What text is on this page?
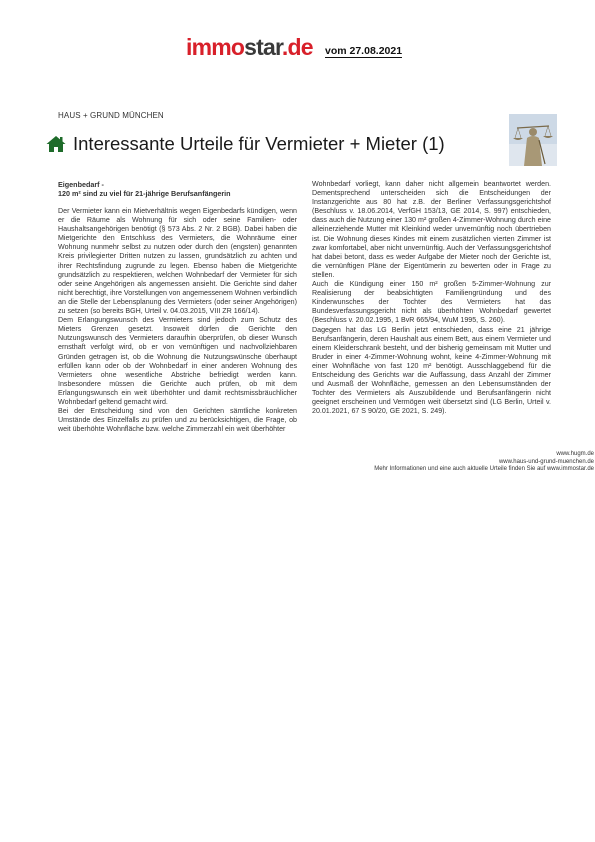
immostar.de vom 27.08.2021
HAUS + GRUND MÜNCHEN
Interessante Urteile für Vermieter + Mieter (1)

Eigenbedarf -

120 m² sind zu viel für 21-jährige Berufsanfängerin

Der Vermieter kann ein Mietverhältnis wegen Eigenbedarfs kündigen, wenn er die Räume als Wohnung für sich oder seine Familien- oder Haushaltsangehörigen benötigt (§ 573 Abs. 2 Nr. 2 BGB). Dabei haben die Mietgerichte den Entschluss des Vermieters, die Wohnräume einer Wohnung nunmehr selbst zu nutzen oder durch den (engsten) genannten Kreis privilegierter Dritten nutzen zu lassen, grundsätzlich zu achten und ihrer Rechtsfindung zugrunde zu legen. Ebenso haben die Mietgerichte grundsätzlich zu respektieren, welchen Wohnbedarf der Vermieter für sich oder seine Angehörigen als angemessen ansieht. Die Gerichte sind daher nicht berechtigt, ihre Vorstellungen von angemessenem Wohnen verbindlich an die Stelle der Lebensplanung des Vermieters (oder seiner Angehörigen) zu setzen (so bereits BGH, Urteil v. 04.03.2015, VIII ZR 166/14).

Dem Erlangungswunsch des Vermieters sind jedoch zum Schutz des Mieters Grenzen gesetzt. Insoweit dürfen die Gerichte den Nutzungswunsch des Vermieters daraufhin überprüfen, ob dieser Wunsch ernsthaft verfolgt wird, ob er von vernünftigen und nachvollziehbaren Gründen getragen ist, ob die Wohnung die Nutzungswünsche überhaupt erfüllen kann oder ob der Wohnbedarf in einer anderen Wohnung des Vermieters ohne wesentliche Abstriche befriedigt werden kann. Insbesondere müssen die Gerichte auch prüfen, ob mit dem Erlangungswunsch ein weit überhöhter und damit rechtsmissbräuchlicher Wohnbedarf geltend gemacht wird.

Bei der Entscheidung sind von den Gerichten sämtliche konkreten Umstände des Einzelfalls zu prüfen und zu berücksichtigen, die Frage, ob weit überhöhte Wohnfläche bzw. welche Zimmerzahl ein weit überhöhter

Wohnbedarf vorliegt, kann daher nicht allgemein beantwortet werden. Dementsprechend unterscheiden sich die Entscheidungen der Instanzgerichte aus 80 hat z.B. der Berliner Verfassungsgerichtshof (Beschluss v. 18.06.2014, VerfGH 153/13, GE 2014, S. 997) entschieden, dass auch die Nutzung einer 130 m² großen 4-Zimmer-Wohnung durch eine alleinerziehende Mutter mit Kleinkind weder unvernünftig noch übertrieben ist. Die Wohnung dieses Kindes mit einem zusätzlichen vierten Zimmer ist zwar komfortabel, aber nicht unvernünftig. Auch der Verfassungsgerichtshof hat dabei betont, dass es weder Aufgabe der Mieter noch der Gerichte ist, die vernünftigen Pläne der Eigentümerin zu bewerten oder in Frage zu stellen.

Auch die Kündigung einer 150 m² großen 5-Zimmer-Wohnung zur Realisierung der beabsichtigten Familiengründung und des Kinderwunsches der Tochter des Vermieters hat das Bundesverfassungsgericht nicht als überhöhten Wohnbedarf gewertet (Beschluss v. 20.02.1995, 1 BvR 665/94, WuM 1995, S. 260).

Dagegen hat das LG Berlin jetzt entschieden, dass eine 21 jährige Berufsanfängerin, deren Haushalt aus einem Bett, aus einem Vermieter und einem Kleiderschrank besteht, und der bisherig gemeinsam mit Mutter und Bruder in einer 4-Zimmer-Wohnung wohnt, keine 4-Zimmer-Wohnung mit einer Wohnfläche von fast 120 m² benötigt. Ausschlaggebend für die Entscheidung des Gerichts war die Auffassung, dass Anzahl der Zimmer und Ausmaß der Wohnfläche, gemessen an den Lebensumständen der Tochter des Vermieters als Auszubildende und Berufsanfängerin nicht geeignet erscheinen und Vermögen weit übersetzt sind (LG Berlin, Urteil v. 20.01.2021, 67 S 90/20, GE 2021, S. 249).

www.hugm.de
www.haus-und-grund-muenchen.de
Mehr Informationen und eine auch aktuelle Urteile finden Sie auf www.immostar.de
